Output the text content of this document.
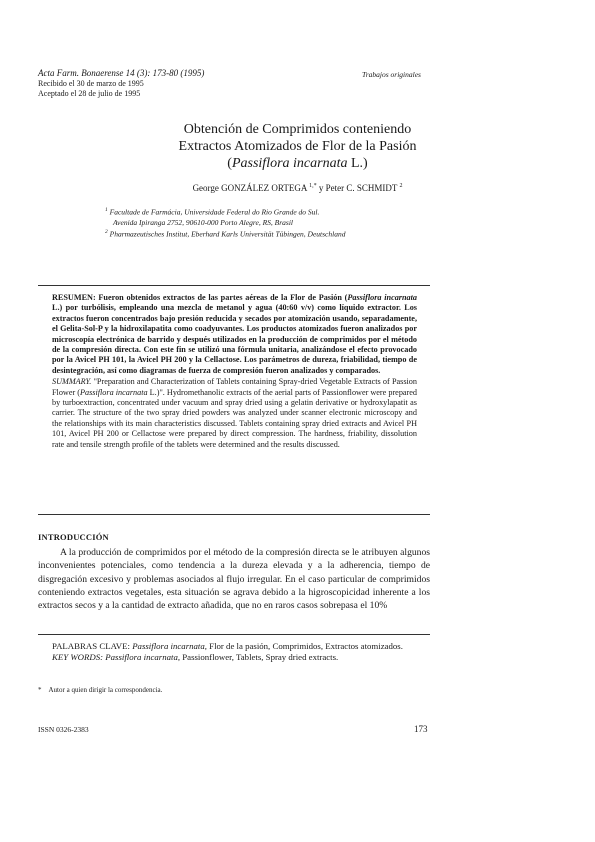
Acta Farm. Bonaerense 14 (3): 173-80 (1995)
Recibido el 30 de marzo de 1995
Aceptado el 28 de julio de 1995
Trabajos originales
Obtención de Comprimidos conteniendo
Extractos Atomizados de Flor de la Pasión
(Passiflora incarnata L.)
George GONZÁLEZ ORTEGA $^{1,*}$ y Peter C. SCHMIDT $^2$
$^1$ Facultade de Farmácia, Universidade Federal do Rio Grande do Sul.
Avenida Ipiranga 2752, 90610-000 Porto Alegre, RS, Brasil
$^2$ Pharmazeutisches Institut, Eberhard Karls Universität Tübingen, Deutschland
RESUMEN: Fueron obtenidos extractos de las partes aéreas de la Flor de Pasión (Passiflora incarnata L.) por turbólisis, empleando una mezcla de metanol y agua (40:60 v/v) como líquido extractor. Los extractos fueron concentrados bajo presión reducida y secados por atomización usando, separadamente, el Gelita-Sol-P y la hidroxilapatita como coadyuvantes. Los productos atomizados fueron analizados por microscopía electrónica de barrido y después utilizados en la producción de comprimidos por el método de la compresión directa. Con este fin se utilizó una fórmula unitaria, analizándose el efecto provocado por la Avicel PH 101, la Avicel PH 200 y la Cellactose. Los parámetros de dureza, friabilidad, tiempo de desintegración, así como diagramas de fuerza de compresión fueron analizados y comparados.
SUMMARY. "Preparation and Characterization of Tablets containing Spray-dried Vegetable Extracts of Passion Flower (Passiflora incarnata L.)". Hydromethanolic extracts of the aerial parts of Passionflower were prepared by turboextraction, concentrated under vacuum and spray dried using a gelatin derivative or hydroxylapatit as carrier. The structure of the two spray dried powders was analyzed under scanner electronic microscopy and the relationships with its main characteristics discussed. Tablets containing spray dried extracts and Avicel PH 101, Avicel PH 200 or Cellactose were prepared by direct compression. The hardness, friability, dissolution rate and tensile strength profile of the tablets were determined and the results discussed.
INTRODUCCIÓN
A la producción de comprimidos por el método de la compresión directa se le atribuyen algunos inconvenientes potenciales, como tendencia a la dureza elevada y a la adherencia, tiempo de disgregación excesivo y problemas asociados al flujo irregular. En el caso particular de comprimidos conteniendo extractos vegetales, esta situación se agrava debido a la higroscopicidad inherente a los extractos secos y a la cantidad de extracto añadida, que no en raros casos sobrepasa el 10%
PALABRAS CLAVE: Passiflora incarnata, Flor de la pasión, Comprimidos, Extractos atomizados.
KEY WORDS: Passiflora incarnata, Passionflower, Tablets, Spray dried extracts.
* Autor a quien dirigir la correspondencia.
ISSN 0326-2383	173
